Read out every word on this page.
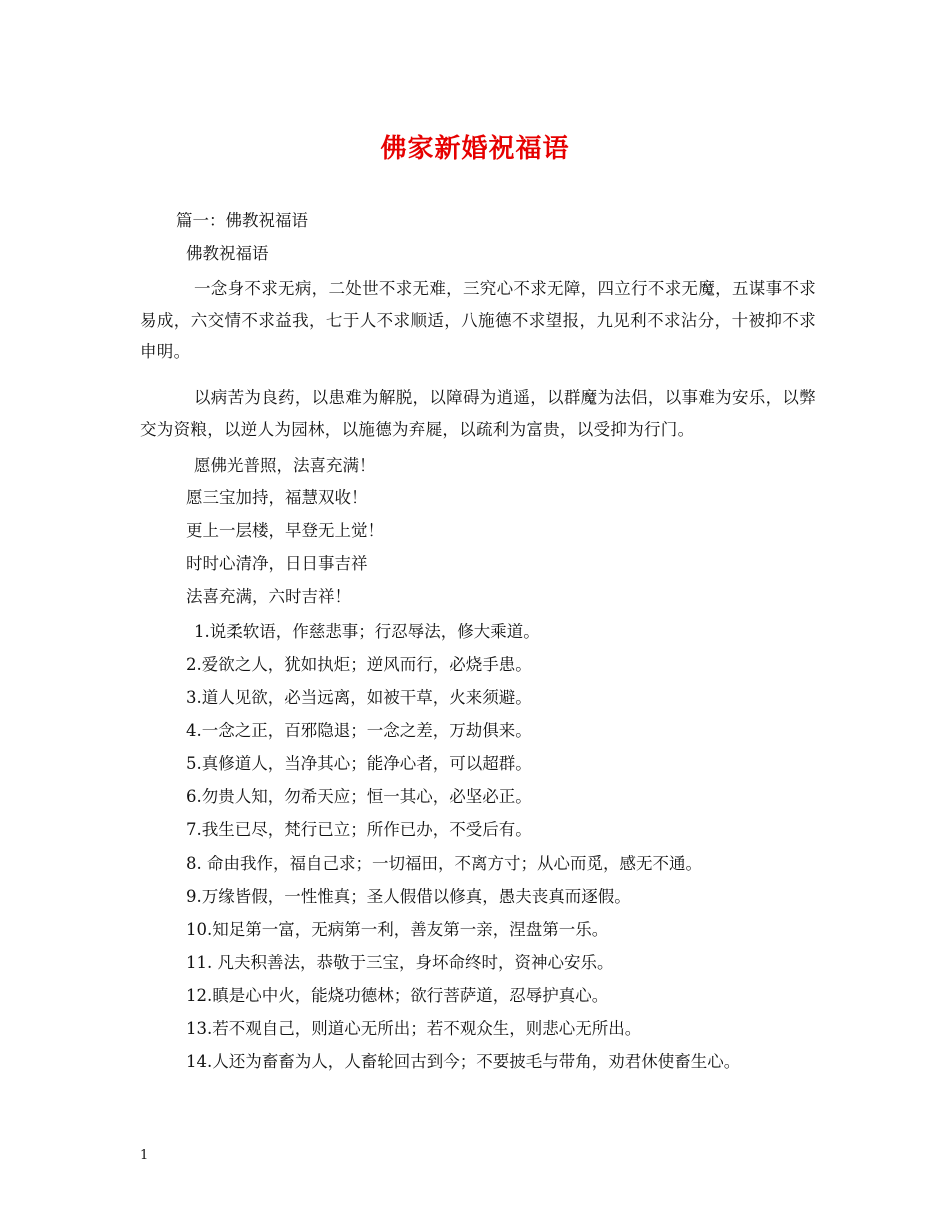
佛家新婚祝福语
篇一：佛教祝福语
佛教祝福语
一念身不求无病，二处世不求无难，三究心不求无障，四立行不求无魔，五谋事不求易成，六交情不求益我，七于人不求顺适，八施德不求望报，九见利不求沾分，十被抑不求申明。
以病苦为良药，以患难为解脱，以障碍为逍遥，以群魔为法侣，以事难为安乐，以弊交为资粮，以逆人为园林，以施德为弃屣，以疏利为富贵，以受抑为行门。
愿佛光普照，法喜充满！
愿三宝加持，福慧双收！
更上一层楼，早登无上觉！
时时心清净，日日事吉祥
法喜充满，六时吉祥！
1.说柔软语，作慈悲事；行忍辱法，修大乘道。
2.爱欲之人，犹如执炬；逆风而行，必烧手患。
3.道人见欲，必当远离，如被干草，火来须避。
4.一念之正，百邪隐退；一念之差，万劫俱来。
5.真修道人，当净其心；能净心者，可以超群。
6.勿贵人知，勿希天应；恒一其心，必坚必正。
7.我生已尽，梵行已立；所作已办，不受后有。
8. 命由我作，福自己求；一切福田，不离方寸；从心而觅，感无不通。
9.万缘皆假，一性惟真；圣人假借以修真，愚夫丧真而逐假。
10.知足第一富，无病第一利，善友第一亲，涅盘第一乐。
11. 凡夫积善法，恭敬于三宝，身坏命终时，资神心安乐。
12.瞋是心中火，能烧功德林；欲行菩萨道，忍辱护真心。
13.若不观自己，则道心无所出；若不观众生，则悲心无所出。
14.人还为畜畜为人，人畜轮回古到今；不要披毛与带角，劝君休使畜生心。
1
